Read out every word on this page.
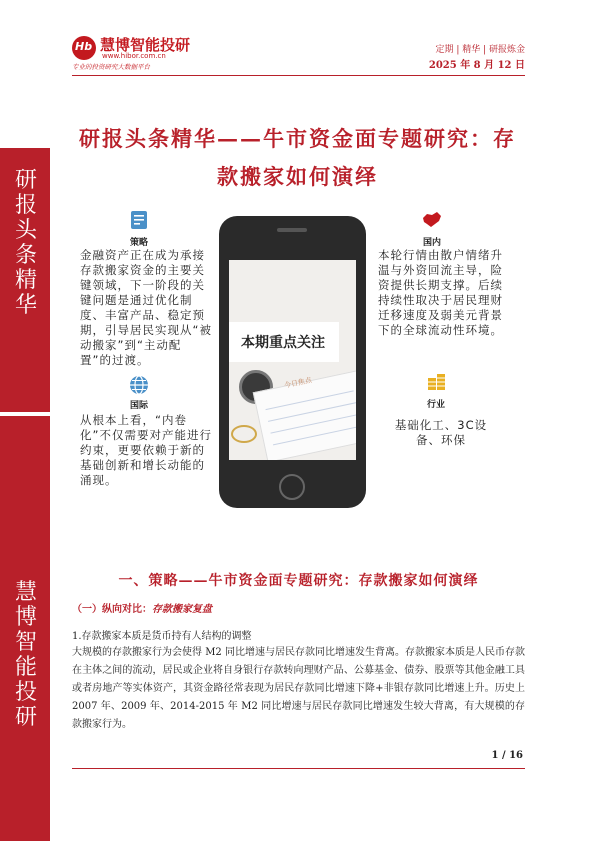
研报头条精华
慧博智能投研
Hb 慧博智能投研
www.hibor.com.cn
专业的投资研究大数据平台
定期 | 精华 | 研报炼金
2025 年 8 月 12 日
研报头条精华——牛市资金面专题研究：存款搬家如何演绎
今日焦点
本期重点关注
策略
金融资产正在成为承接存款搬家资金的主要关键领域，下一阶段的关键问题是通过优化制度、丰富产品、稳定预期，引导居民实现从“被动搬家”到“主动配置”的过渡。
国内
本轮行情由散户情绪升温与外资回流主导，险资提供长期支撑。后续持续性取决于居民理财迁移速度及弱美元背景下的全球流动性环境。
国际
从根本上看，“内卷化”不仅需要对产能进行约束，更要依赖于新的基础创新和增长动能的涌现。
行业
基础化工、3C设备、环保
一、策略——牛市资金面专题研究：存款搬家如何演绎
（一）纵向对比：存款搬家复盘
1.存款搬家本质是货币持有人结构的调整
大规模的存款搬家行为会使得 M2 同比增速与居民存款同比增速发生背离。存款搬家本质是人民币存款在主体之间的流动，居民或企业将自身银行存款转向理财产品、公募基金、债券、股票等其他金融工具或者房地产等实体资产，其资金路径常表现为居民存款同比增速下降+非银存款同比增速上升。历史上 2007 年、2009 年、2014-2015 年 M2 同比增速与居民存款同比增速发生较大背离，有大规模的存款搬家行为。
1 / 16
